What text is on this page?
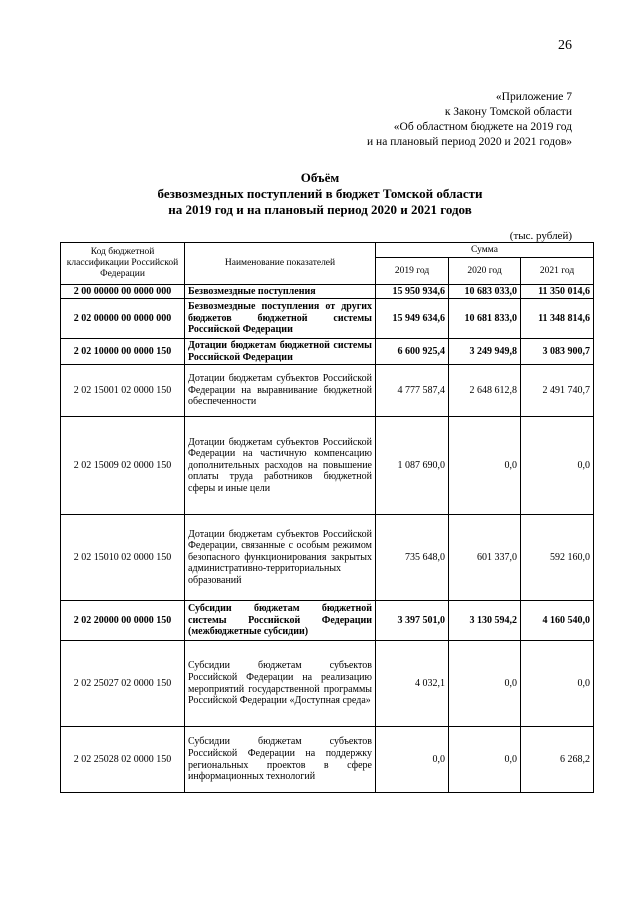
26
«Приложение 7
к Закону Томской области
«Об областном бюджете на 2019 год
и на плановый период 2020 и 2021 годов»
Объём
безвозмездных поступлений в бюджет Томской области
на 2019 год и на плановый период 2020 и 2021 годов
(тыс. рублей)
Код бюджетной классификации Российской Федерации	Наименование показателей	Сумма		
		2019 год	2020 год	2021 год
2 00 00000 00 0000 000	Безвозмездные поступления	15 950 934,6	10 683 033,0	11 350 014,6
2 02 00000 00 0000 000	Безвозмездные поступления от других бюджетов бюджетной системы Российской Федерации	15 949 634,6	10 681 833,0	11 348 814,6
2 02 10000 00 0000 150	Дотации бюджетам бюджетной системы Российской Федерации	6 600 925,4	3 249 949,8	3 083 900,7
2 02 15001 02 0000 150	Дотации бюджетам субъектов Российской Федерации на выравнивание бюджетной обеспеченности	4 777 587,4	2 648 612,8	2 491 740,7
2 02 15009 02 0000 150	Дотации бюджетам субъектов Российской Федерации на частичную компенсацию дополнительных расходов на повышение оплаты труда работников бюджетной сферы и иные цели	1 087 690,0	0,0	0,0
2 02 15010 02 0000 150	Дотации бюджетам субъектов Российской Федерации, связанные с особым режимом безопасного функционирования закрытых административно-территориальных образований	735 648,0	601 337,0	592 160,0
2 02 20000 00 0000 150	Субсидии бюджетам бюджетной системы Российской Федерации (межбюджетные субсидии)	3 397 501,0	3 130 594,2	4 160 540,0
2 02 25027 02 0000 150	Субсидии бюджетам субъектов Российской Федерации на реализацию мероприятий государственной программы Российской Федерации «Доступная среда»	4 032,1	0,0	0,0
2 02 25028 02 0000 150	Субсидии бюджетам субъектов Российской Федерации на поддержку региональных проектов в сфере информационных технологий	0,0	0,0	6 268,2
